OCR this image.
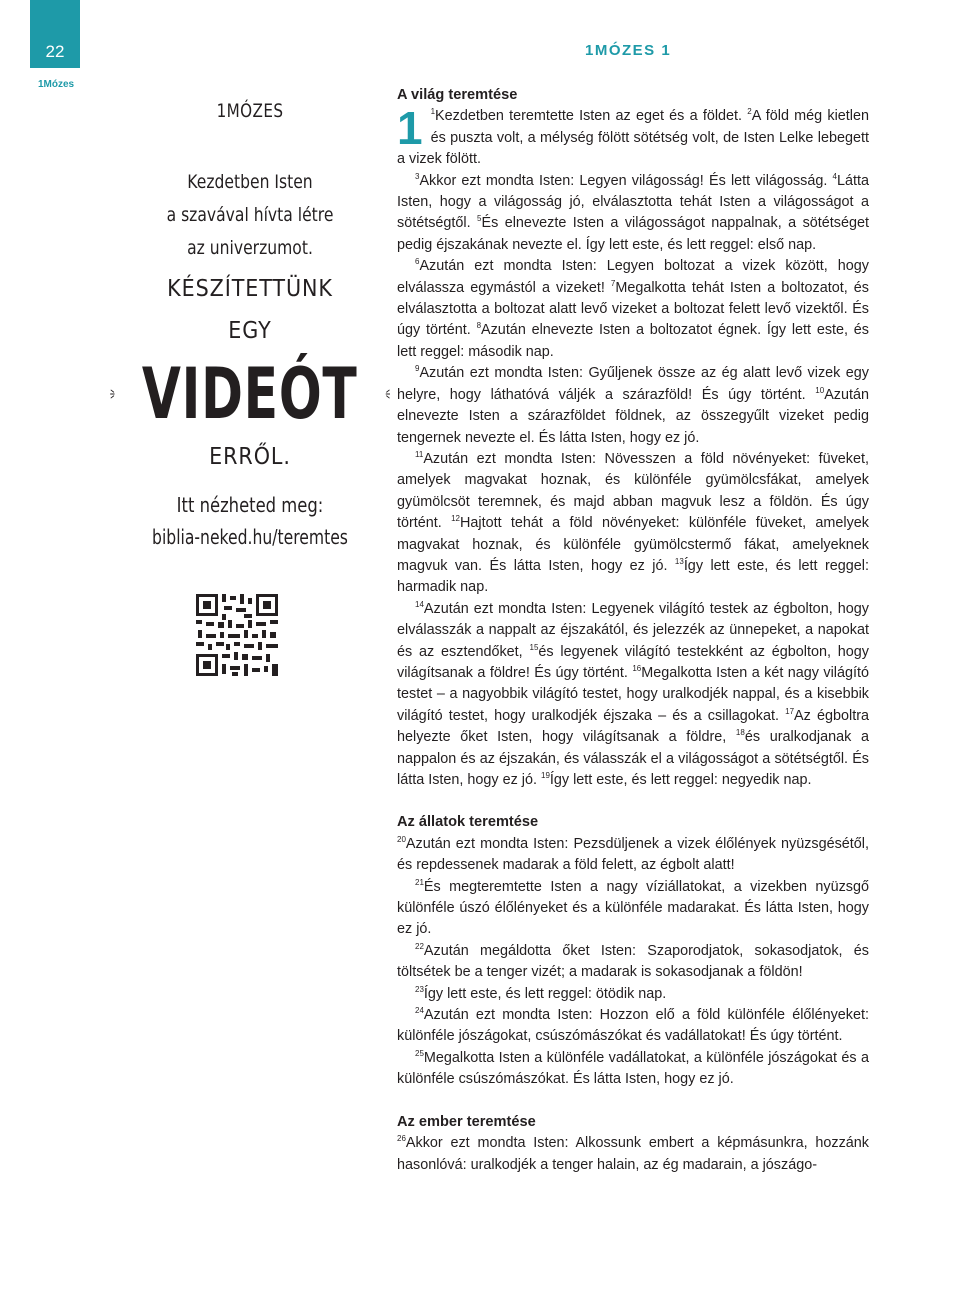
22
1Mózes
1MÓZES 1
1MÓZES
Kezdetben Isten
a szavával hívta létre
az univerzumot.
KÉSZÍTETTÜNK
EGY
VIDEÓT
ERRŐL.
Itt nézheted meg:
biblia-neked.hu/teremtes
A világ teremtése

1 $^1$Kezdetben teremtette Isten az eget és a földet. $^2$A föld még kietlen és puszta volt, a mélység fölött sötétség volt, de Isten Lelke lebegett a vizek fölött.

$^3$Akkor ezt mondta Isten: Legyen világosság! És lett világosság. $^4$Látta Isten, hogy a világosság jó, elválasztotta tehát Isten a világosságot a sötétségtől. $^5$És elnevezte Isten a világosságot nappalnak, a sötétséget pedig éjszakának nevezte el. Így lett este, és lett reggel: első nap.

$^6$Azután ezt mondta Isten: Legyen boltozat a vizek között, hogy elválassza egymástól a vizeket! $^7$Megalkotta tehát Isten a boltozatot, és elválasztotta a boltozat alatt levő vizeket a boltozat felett levő vizektől. És úgy történt. $^8$Azután elnevezte Isten a boltozatot égnek. Így lett este, és lett reggel: második nap.

$^9$Azután ezt mondta Isten: Gyűljenek össze az ég alatt levő vizek egy helyre, hogy láthatóvá váljék a szárazföld! És úgy történt. $^{10}$Azután elnevezte Isten a szárazföldet földnek, az összegyűlt vizeket pedig tengernek nevezte el. És látta Isten, hogy ez jó.

$^{11}$Azután ezt mondta Isten: Növesszen a föld növényeket: füveket, amelyek magvakat hoznak, és különféle gyümölcsfákat, amelyek gyümölcsöt teremnek, és majd abban magvuk lesz a földön. És úgy történt. $^{12}$Hajtott tehát a föld növényeket: különféle füveket, amelyek magvakat hoznak, és különféle gyümölcstermő fákat, amelyeknek magvuk van. És látta Isten, hogy ez jó. $^{13}$Így lett este, és lett reggel: harmadik nap.

$^{14}$Azután ezt mondta Isten: Legyenek világító testek az égbolton, hogy elválasszák a nappalt az éjszakától, és jelezzék az ünnepeket, a napokat és az esztendőket, $^{15}$és legyenek világító testekként az égbolton, hogy világítsanak a földre! És úgy történt. $^{16}$Megalkotta Isten a két nagy világító testet – a nagyobbik világító testet, hogy uralkodjék nappal, és a kisebbik világító testet, hogy uralkodjék éjszaka – és a csillagokat. $^{17}$Az égboltra helyezte őket Isten, hogy világítsanak a földre, $^{18}$és uralkodjanak a nappalon és az éjszakán, és válasszák el a világosságot a sötétségtől. És látta Isten, hogy ez jó. $^{19}$Így lett este, és lett reggel: negyedik nap.

Az állatok teremtése

$^{20}$Azután ezt mondta Isten: Pezsdüljenek a vizek élőlények nyüzsgésétől, és repdessenek madarak a föld felett, az égbolt alatt!

$^{21}$És megteremtette Isten a nagy víziállatokat, a vizekben nyüzsgő különféle úszó élőlényeket és a különféle madarakat. És látta Isten, hogy ez jó.

$^{22}$Azután megáldotta őket Isten: Szaporodjatok, sokasodjatok, és töltsétek be a tenger vizét; a madarak is sokasodjanak a földön!

$^{23}$Így lett este, és lett reggel: ötödik nap.

$^{24}$Azután ezt mondta Isten: Hozzon elő a föld különféle élőlényeket: különféle jószágokat, csúszómászókat és vadállatokat! És úgy történt.

$^{25}$Megalkotta Isten a különféle vadállatokat, a különféle jószágokat és a különféle csúszómászókat. És látta Isten, hogy ez jó.

Az ember teremtése

$^{26}$Akkor ezt mondta Isten: Alkossunk embert a képmásunkra, hozzánk hasonlóvá: uralkodjék a tenger halain, az ég madarain, a jószágo-
